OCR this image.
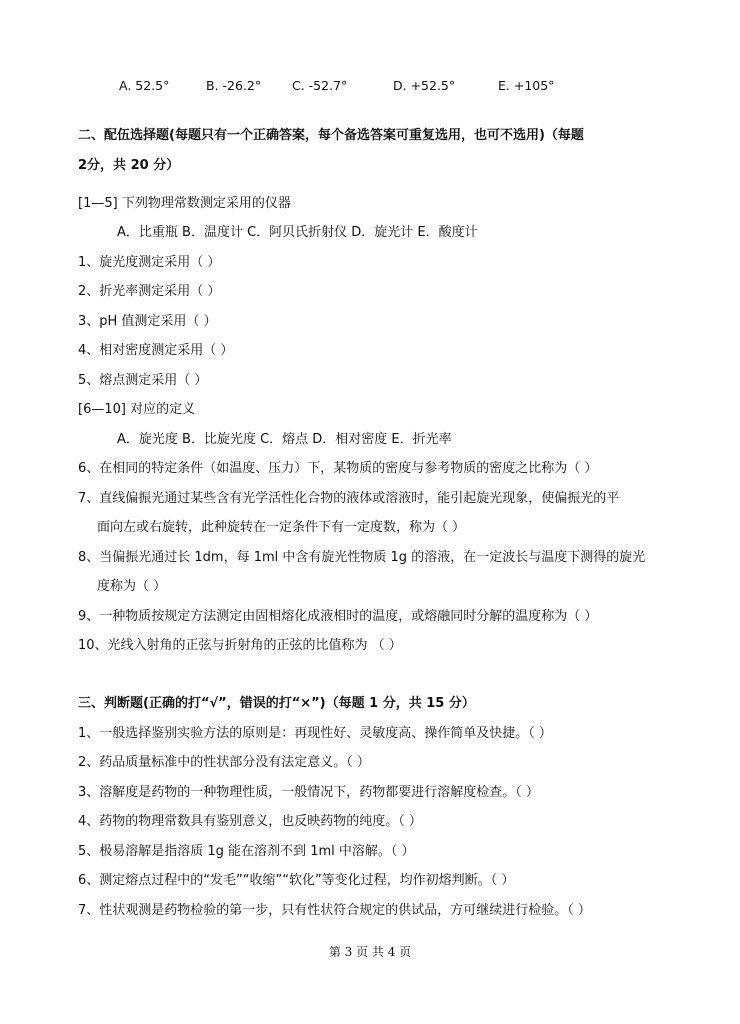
A. 52.5°	B. -26.2° C. -52.7°	D. +52.5°	E. +105°
二、配伍选择题(每题只有一个正确答案，每个备选答案可重复选用，也可不选用)（每题
2分，共 20 分）
[1—5] 下列物理常数测定采用的仪器
A．比重瓶 B．温度计 C．阿贝氏折射仪 D．旋光计 E．酸度计
1、旋光度测定采用（ ）
2、折光率测定采用（ ）
3、pH 值测定采用（ ）
4、相对密度测定采用（ ）
5、熔点测定采用（ ）
[6—10] 对应的定义
A．旋光度 B．比旋光度 C．熔点 D．相对密度 E．折光率
6、在相同的特定条件（如温度、压力）下，某物质的密度与参考物质的密度之比称为（ ）
7、直线偏振光通过某些含有光学活性化合物的液体或溶液时，能引起旋光现象，使偏振光的平
面向左或右旋转，此种旋转在一定条件下有一定度数，称为（ ）
8、当偏振光通过长 1dm，每 1ml 中含有旋光性物质 1g 的溶液，在一定波长与温度下测得的旋光
度称为（ ）
9、一种物质按规定方法测定由固相熔化成液相时的温度，或熔融同时分解的温度称为（ ）
10、光线入射角的正弦与折射角的正弦的比值称为 （ ）
三、判断题(正确的打“√”，错误的打“×”)（每题 1 分，共 15 分）
1、一般选择鉴别实验方法的原则是：再现性好、灵敏度高、操作简单及快捷。（ ）
2、药品质量标准中的性状部分没有法定意义。（ ）
3、溶解度是药物的一种物理性质，一般情况下，药物都要进行溶解度检查。（ ）
4、药物的物理常数具有鉴别意义，也反映药物的纯度。（ ）
5、极易溶解是指溶质 1g 能在溶剂不到 1ml 中溶解。（ ）
6、测定熔点过程中的“发毛”“收缩”“软化”等变化过程，均作初熔判断。（ ）
7、性状观测是药物检验的第一步，只有性状符合规定的供试品，方可继续进行检验。（ ）
第 3 页 共 4 页
